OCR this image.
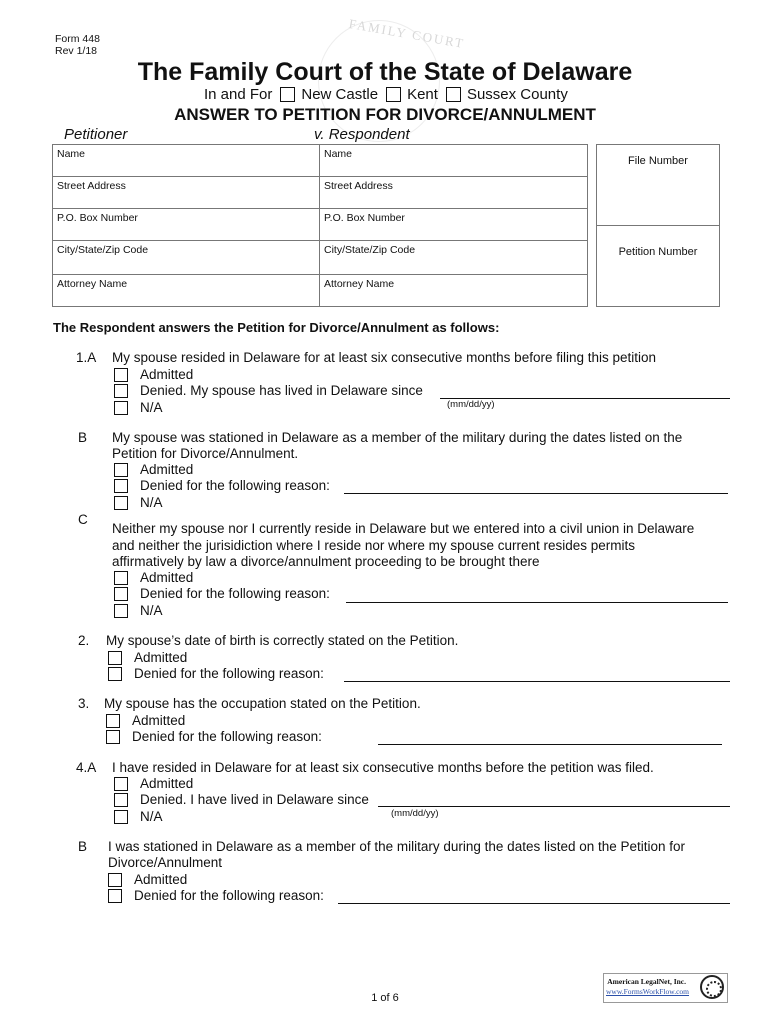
Form 448
Rev 1/18	FAMILY COURT
The Family Court of the State of Delaware
In and For New Castle Kent Sussex County
ANSWER TO PETITION FOR DIVORCE/ANNULMENT
Petitioner	v. Respondent
Name
Street Address
P.O. Box Number
City/State/Zip Code
Attorney Name
Name
Street Address
P.O. Box Number
City/State/Zip Code
Attorney Name
File Number
Petition Number
The Respondent answers the Petition for Divorce/Annulment as follows:
1.A My spouse resided in Delaware for at least six consecutive months before filing this petition
Admitted
Denied. My spouse has lived in Delaware since
(mm/dd/yy)
N/A
B My spouse was stationed in Delaware as a member of the military during the dates listed on the
Petition for Divorce/Annulment.
Admitted
Denied for the following reason:
N/A
C
Neither my spouse nor I currently reside in Delaware but we entered into a civil union in Delaware
and neither the jurisidiction where I reside nor where my spouse current resides permits
affirmatively by law a divorce/annulment proceeding to be brought there
Admitted
Denied for the following reason:
N/A
2. My spouse’s date of birth is correctly stated on the Petition.
Admitted
Denied for the following reason:
3. My spouse has the occupation stated on the Petition.
Admitted
Denied for the following reason:
4.A I have resided in Delaware for at least six consecutive months before the petition was filed.
Admitted
Denied. I have lived in Delaware since
(mm/dd/yy)
N/A
B I was stationed in Delaware as a member of the military during the dates listed on the Petition for
Divorce/Annulment
Admitted
Denied for the following reason:
American LegalNet, Inc.
www.FormsWorkFlow.com
1 of 6
